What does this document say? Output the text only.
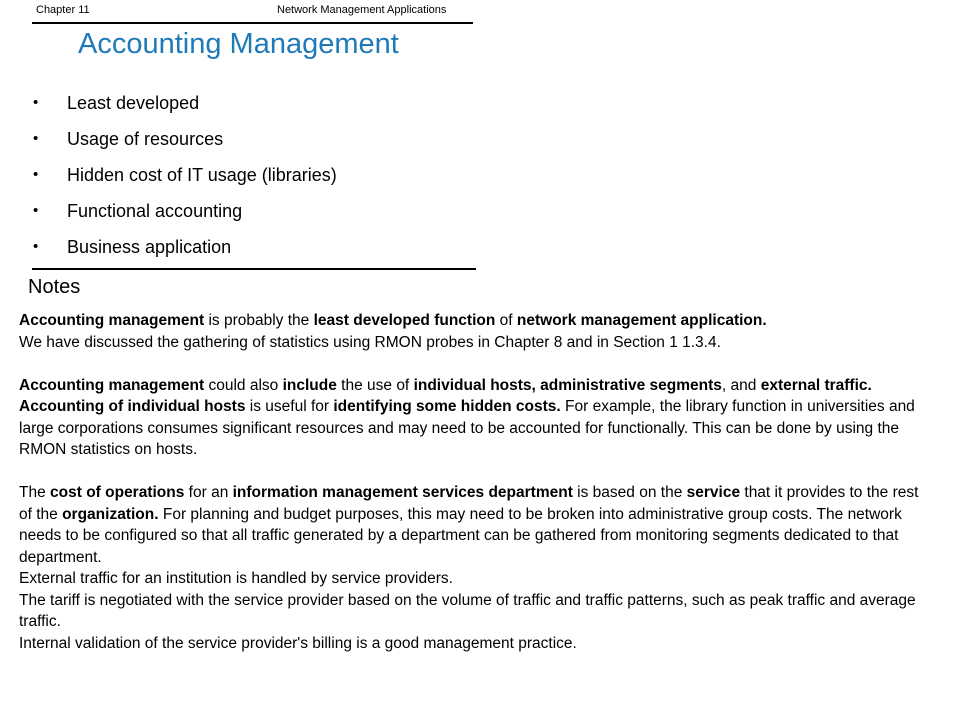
Chapter 11	Network Management Applications
Accounting Management
• Least developed
• Usage of resources
• Hidden cost of IT usage (libraries)
• Functional accounting
• Business application
Notes

Accounting management is probably the least developed function of network management application.

We have discussed the gathering of statistics using RMON probes in Chapter 8 and in Section 1 1.3.4.

Accounting management could also include the use of individual hosts, administrative segments, and external traffic.

Accounting of individual hosts is useful for identifying some hidden costs. For example, the library function in universities and large corporations consumes significant resources and may need to be accounted for functionally. This can be done by using the RMON statistics on hosts.

The cost of operations for an information management services department is based on the service that it provides to the rest of the organization. For planning and budget purposes, this may need to be broken into administrative group costs. The network needs to be configured so that all traffic generated by a department can be gathered from monitoring segments dedicated to that department.

External traffic for an institution is handled by service providers.

The tariff is negotiated with the service provider based on the volume of traffic and traffic patterns, such as peak traffic and average traffic.

Internal validation of the service provider's billing is a good management practice.
